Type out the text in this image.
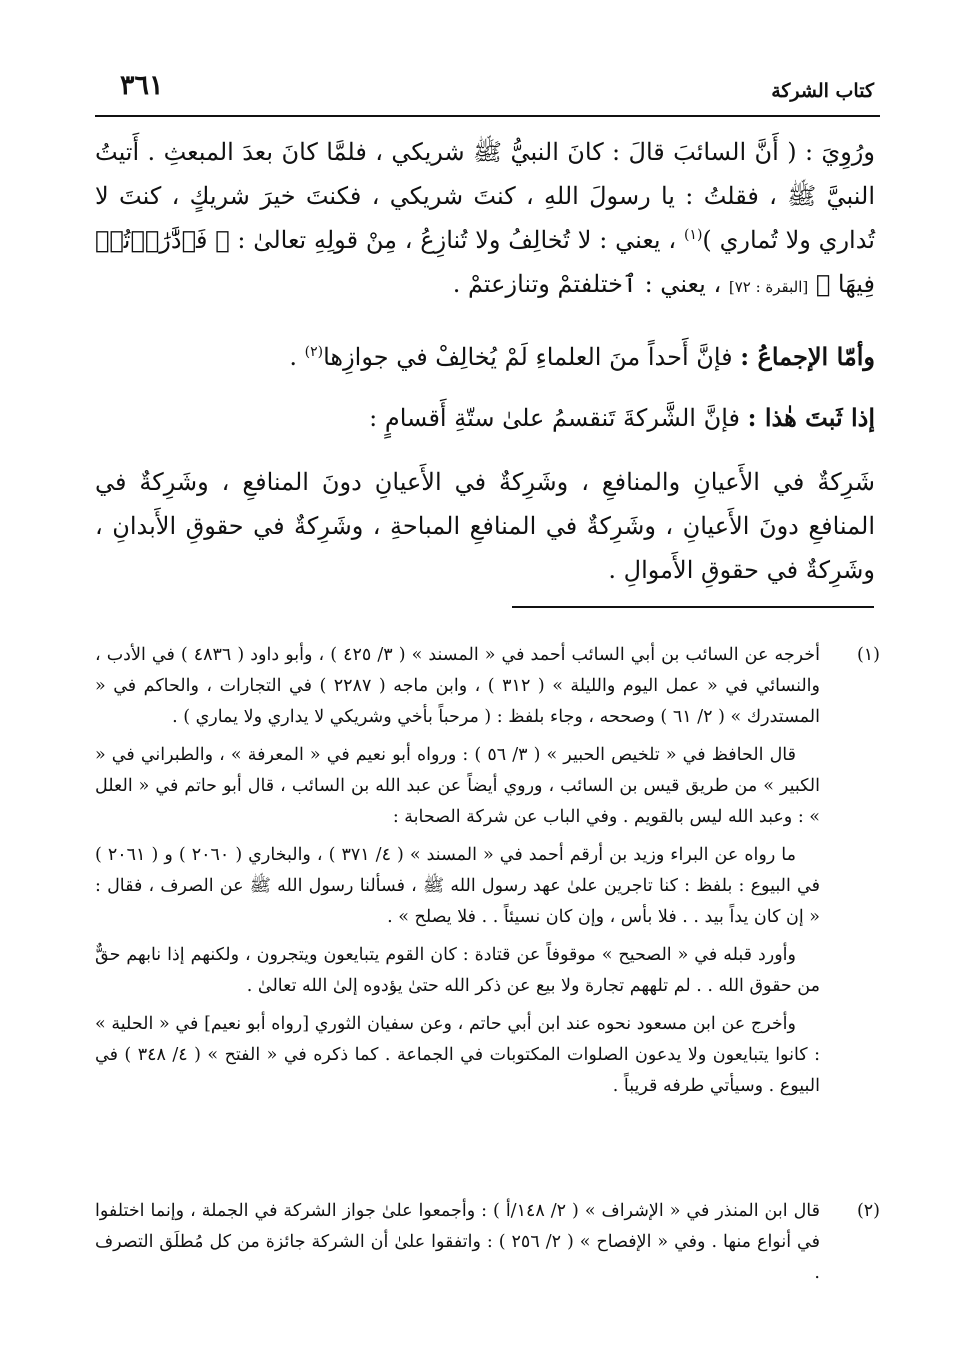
كتاب الشركة
٣٦١

ورُوِيَ : ( أَنَّ السائبَ قالَ : كانَ النبيُّ ﷺ شريكي ، فلمَّا كانَ بعدَ المبعثِ . أَتيتُ النبيَّ ﷺ ، فقلتُ : يا رسولَ اللهِ ، كنتَ شريكي ، فكنتَ خيرَ شريكٍ ، كنتَ لا تُداري ولا تُماري )$^{(١)}$ ، يعني : لا تُخالِفُ ولا تُنازِعُ ، مِنْ قولِهِ تعالىٰ : ﴿ فَٱدَّٰرَٰءۡتُمۡ فِيهَا ﴾ [البقرة : ٧٢] ، يعني : ٱختلفتمْ وتنازعتمْ .

وأمّا الإجماعُ : فإنَّ أَحداً منَ العلماءِ لَمْ يُخالِفْ في جوازِها$^{(٢)}$ .

إذا ثَبتَ هٰذا : فإنَّ الشَّركةَ تَنقسمُ علىٰ ستّةِ أَقسامٍ :

شَرِكةٌ في الأَعيانِ والمنافعِ ، وشَرِكةٌ في الأَعيانِ دونَ المنافعِ ، وشَرِكةٌ في المنافعِ دونَ الأَعيانِ ، وشَرِكةٌ في المنافعِ المباحةِ ، وشَرِكةٌ في حقوقِ الأَبدانِ ، وشَرِكةٌ في حقوقِ الأَموالِ .

(١)

أخرجه عن السائب بن أبي السائب أحمد في « المسند » ( ٣/ ٤٢٥ ) ، وأبو داود ( ٤٨٣٦ ) في الأدب ، والنسائي في « عمل اليوم والليلة » ( ٣١٢ ) ، وابن ماجه ( ٢٢٨٧ ) في التجارات ، والحاكم في « المستدرك » ( ٢/ ٦١ ) وصححه ، وجاء بلفظ : ( مرحباً بأخي وشريكي لا يداري ولا يماري ) .

قال الحافظ في « تلخيص الحبير » ( ٣/ ٥٦ ) : ورواه أبو نعيم في « المعرفة » ، والطبراني في « الكبير » من طريق قيس بن السائب ، وروي أيضاً عن عبد الله بن السائب ، قال أبو حاتم في « العلل » : وعبد الله ليس بالقويم . وفي الباب عن شركة الصحابة :

ما رواه عن البراء وزيد بن أرقم أحمد في « المسند » ( ٤/ ٣٧١ ) ، والبخاري ( ٢٠٦٠ ) و ( ٢٠٦١ ) في البيوع : بلفظ : كنا تاجرين علىٰ عهد رسول الله ﷺ ، فسألنا رسول الله ﷺ عن الصرف ، فقال : « إن كان يداً بيد . . فلا بأس ، وإن كان نسيئاً . . فلا يصلح » .

وأورد قبله في « الصحيح » موقوفاً عن قتادة : كان القوم يتبايعون ويتجرون ، ولكنهم إذا نابهم حقٌّ من حقوق الله . . لم تلههم تجارة ولا بيع عن ذكر الله حتىٰ يؤدوه إلىٰ الله تعالىٰ .

وأخرج عن ابن مسعود نحوه عند ابن أبي حاتم ، وعن سفيان الثوري [رواه أبو نعيم] في « الحلية » : كانوا يتبايعون ولا يدعون الصلوات المكتوبات في الجماعة . كما ذكره في « الفتح » ( ٤/ ٣٤٨ ) في البيوع . وسيأتي طرفه قريباً .

(٢)

قال ابن المنذر في « الإشراف » ( ٢/ ١٤٨/أ ) : وأجمعوا علىٰ جواز الشركة في الجملة ، وإنما اختلفوا في أنواع منها . وفي « الإفصاح » ( ٢/ ٢٥٦ ) : واتفقوا علىٰ أن الشركة جائزة من كل مُطلَق التصرف .
